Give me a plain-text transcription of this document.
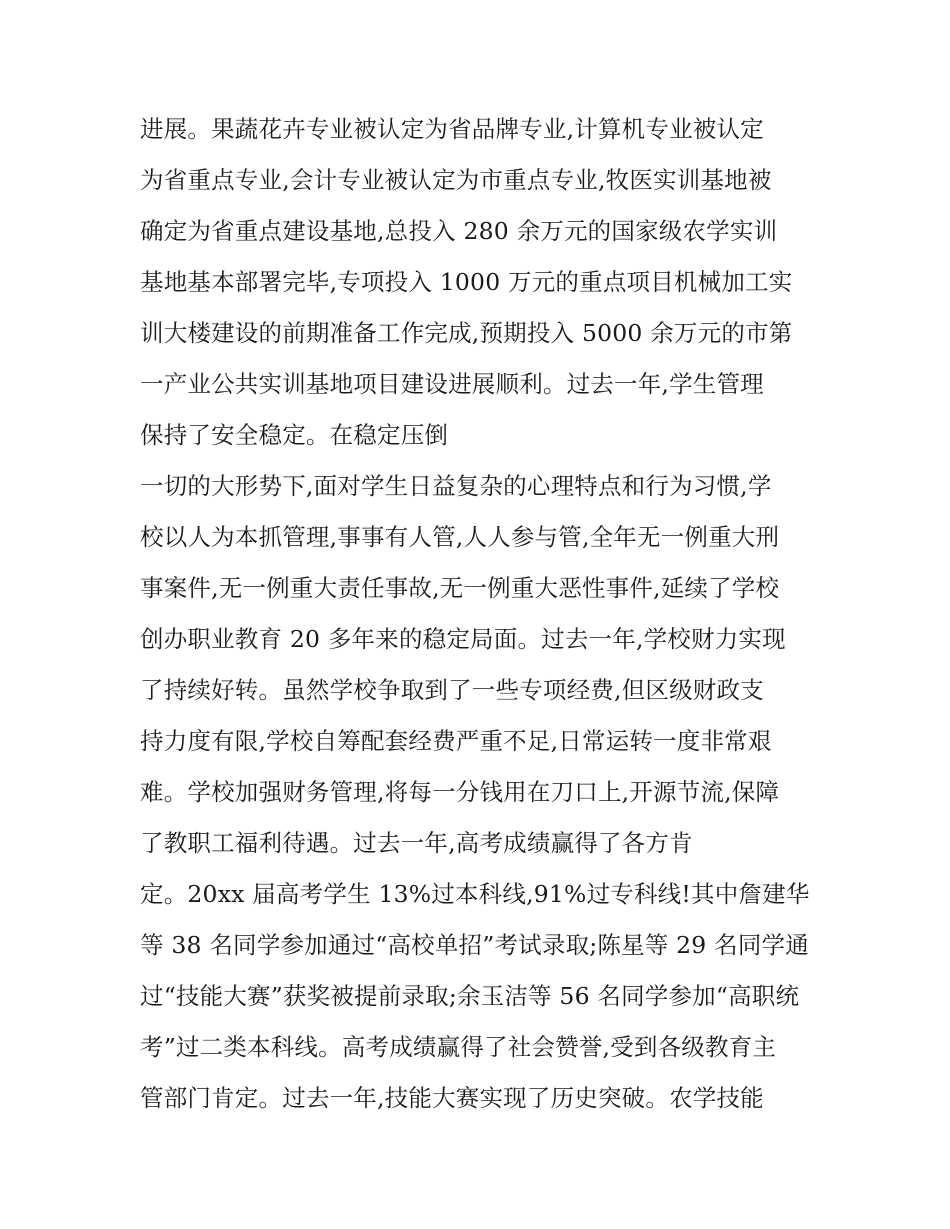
进展。果蔬花卉专业被认定为省品牌专业,计算机专业被认定
为省重点专业,会计专业被认定为市重点专业,牧医实训基地被
确定为省重点建设基地,总投入 280 余万元的国家级农学实训
基地基本部署完毕,专项投入 1000 万元的重点项目机械加工实
训大楼建设的前期准备工作完成,预期投入 5000 余万元的市第
一产业公共实训基地项目建设进展顺利。过去一年,学生管理
保持了安全稳定。在稳定压倒
一切的大形势下,面对学生日益复杂的心理特点和行为习惯,学
校以人为本抓管理,事事有人管,人人参与管,全年无一例重大刑
事案件,无一例重大责任事故,无一例重大恶性事件,延续了学校
创办职业教育 20 多年来的稳定局面。过去一年,学校财力实现
了持续好转。虽然学校争取到了一些专项经费,但区级财政支
持力度有限,学校自筹配套经费严重不足,日常运转一度非常艰
难。学校加强财务管理,将每一分钱用在刀口上,开源节流,保障
了教职工福利待遇。过去一年,高考成绩赢得了各方肯
定。20xx 届高考学生 13%过本科线,91%过专科线!其中詹建华
等 38 名同学参加通过“高校单招”考试录取;陈星等 29 名同学通
过“技能大赛”获奖被提前录取;余玉洁等 56 名同学参加“高职统
考”过二类本科线。高考成绩赢得了社会赞誉,受到各级教育主
管部门肯定。过去一年,技能大赛实现了历史突破。农学技能
